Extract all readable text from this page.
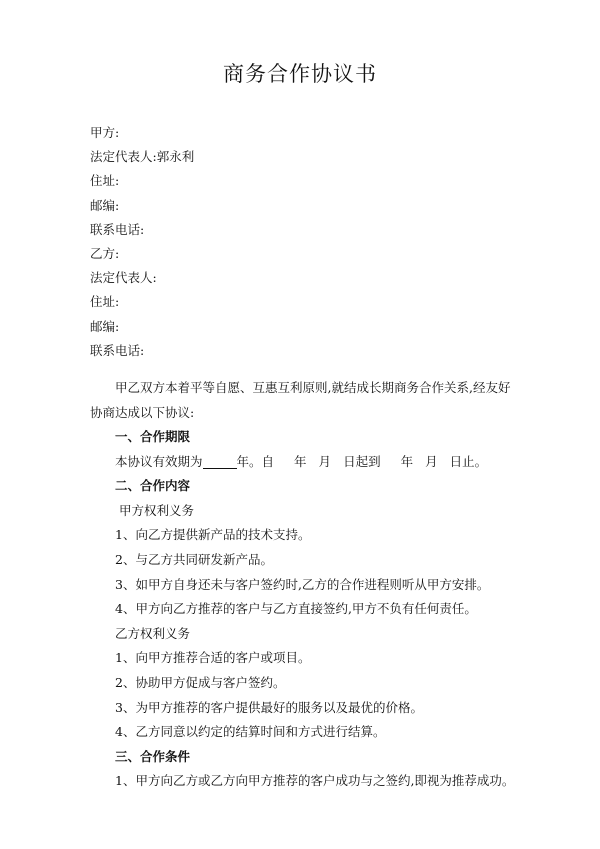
商务合作协议书
甲方:
法定代表人:郭永利
住址:
邮编:
联系电话:
乙方:
法定代表人:
住址:
邮编:
联系电话:

甲乙双方本着平等自愿、互惠互利原则,就结成长期商务合作关系,经友好协商达成以下协议:

一、合作期限
本协议有效期为	年。自 年 月 日起到 年 月 日止。
二、合作内容
甲方权利义务
1、向乙方提供新产品的技术支持。
2、与乙方共同研发新产品。
3、如甲方自身还未与客户签约时,乙方的合作进程则听从甲方安排。
4、甲方向乙方推荐的客户与乙方直接签约,甲方不负有任何责任。
乙方权利义务
1、向甲方推荐合适的客户或项目。
2、协助甲方促成与客户签约。
3、为甲方推荐的客户提供最好的服务以及最优的价格。
4、乙方同意以约定的结算时间和方式进行结算。
三、合作条件
1、甲方向乙方或乙方向甲方推荐的客户成功与之签约,即视为推荐成功。
